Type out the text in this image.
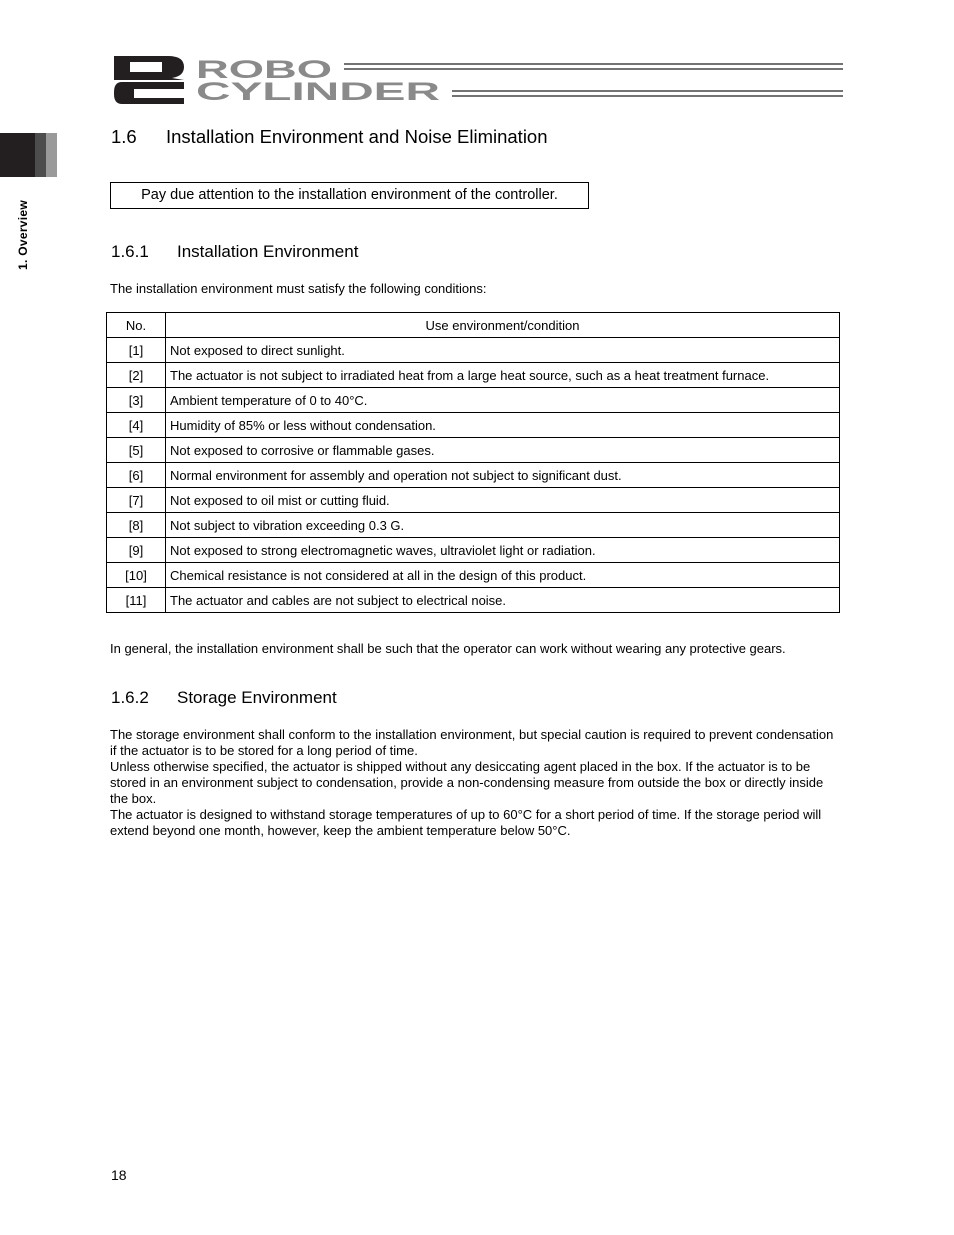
ROBO
CYLINDER
1. Overview
1.6 Installation Environment and Noise Elimination
Pay due attention to the installation environment of the controller.
1.6.1 Installation Environment
The installation environment must satisfy the following conditions:
No.	Use environment/condition
[1]	Not exposed to direct sunlight.
[2]	The actuator is not subject to irradiated heat from a large heat source, such as a heat treatment furnace.
[3]	Ambient temperature of 0 to 40°C.
[4]	Humidity of 85% or less without condensation.
[5]	Not exposed to corrosive or flammable gases.
[6]	Normal environment for assembly and operation not subject to significant dust.
[7]	Not exposed to oil mist or cutting fluid.
[8]	Not subject to vibration exceeding 0.3 G.
[9]	Not exposed to strong electromagnetic waves, ultraviolet light or radiation.
[10]	Chemical resistance is not considered at all in the design of this product.
[11]	The actuator and cables are not subject to electrical noise.
In general, the installation environment shall be such that the operator can work without wearing any protective gears.
1.6.2 Storage Environment

The storage environment shall conform to the installation environment, but special caution is required to prevent condensation if the actuator is to be stored for a long period of time.

Unless otherwise specified, the actuator is shipped without any desiccating agent placed in the box. If the actuator is to be stored in an environment subject to condensation, provide a non-condensing measure from outside the box or directly inside the box.

The actuator is designed to withstand storage temperatures of up to 60°C for a short period of time. If the storage period will extend beyond one month, however, keep the ambient temperature below 50°C.

18
